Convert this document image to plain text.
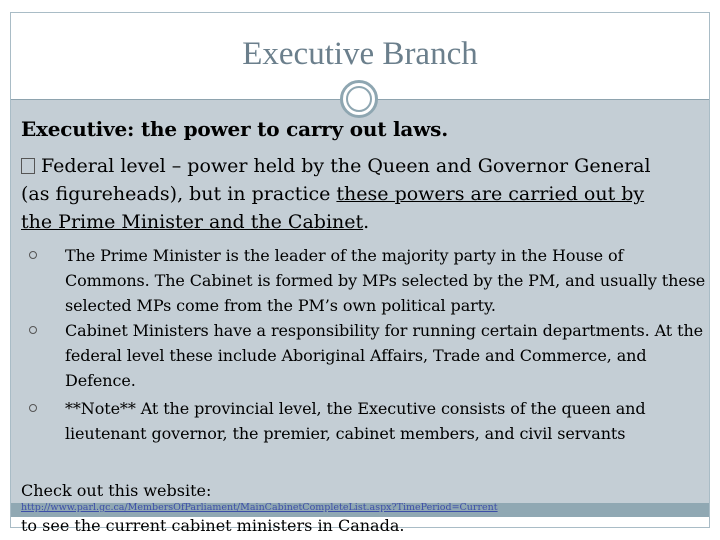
Executive Branch
Executive: the power to carry out laws.
Federal level – power held by the Queen and Governor General (as figureheads), but in practice these powers are carried out by the Prime Minister and the Cabinet.
The Prime Minister is the leader of the majority party in the House of Commons. The Cabinet is formed by MPs selected by the PM, and usually these selected MPs come from the PM’s own political party.
Cabinet Ministers have a responsibility for running certain departments. At the federal level these include Aboriginal Affairs, Trade and Commerce, and Defence.
**Note** At the provincial level, the Executive consists of the queen and lieutenant governor, the premier, cabinet members, and civil servants
Check out this website:
http://www.parl.gc.ca/MembersOfParliament/MainCabinetCompleteList.aspx?TimePeriod=Current
to see the current cabinet ministers in Canada.
